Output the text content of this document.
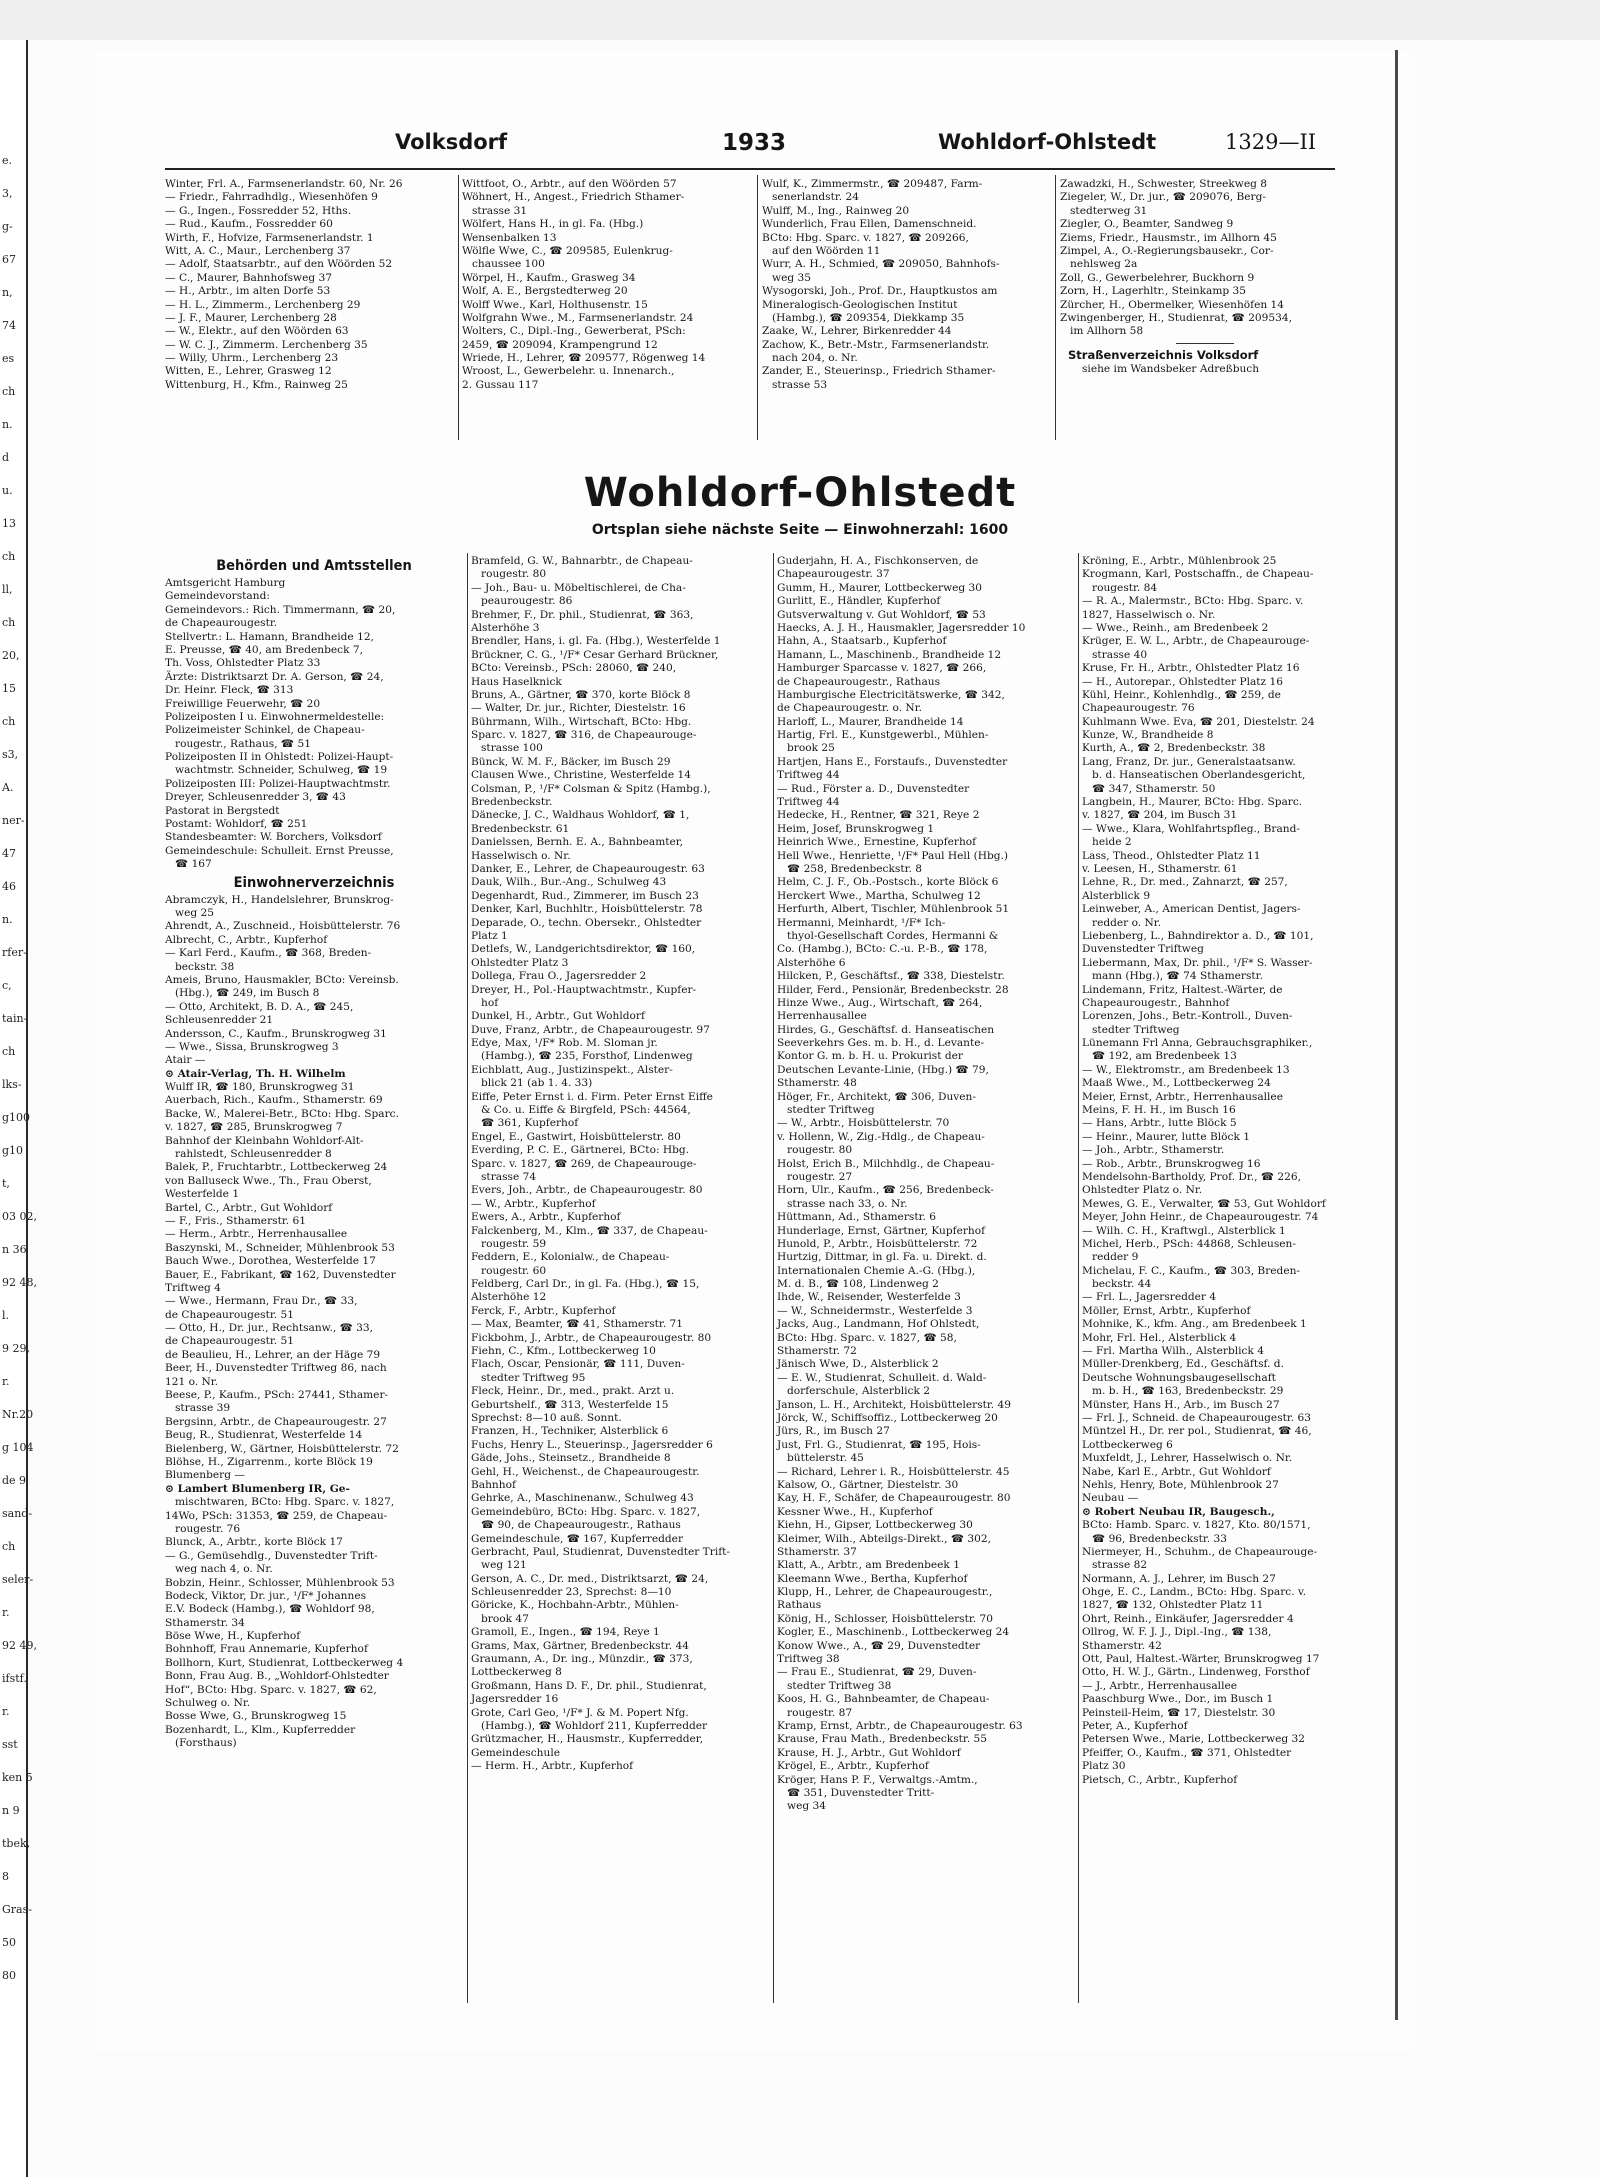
e.
3,
g-
67
n,
74
es
ch
n.
d
u.
13
ch
ll,
ch
20,
15
ch
s3,
A.
ner-
47
46
n.
rfer-
c,
tain-
ch
lks-
g100
g10
t,
03 02,
n 36
92 48,
l.
9 29,
r.
Nr.20
g 104
de 9
sand-
ch
seler-
r.
92 49,
ifstf.
r.
sst
ken 5
n 9
tbek,
8
Gras-
50
80
Volksdorf	1933	Wohldorf-Ohlstedt	1329—II
Winter, Frl. A., Farmsenerlandstr. 60, Nr. 26
— Friedr., Fahrradhdlg., Wiesenhöfen 9
— G., Ingen., Fossredder 52, Hths.
— Rud., Kaufm., Fossredder 60
Wirth, F., Hofvize, Farmsenerlandstr. 1
Witt, A. C., Maur., Lerchenberg 37
— Adolf, Staatsarbtr., auf den Wöörden 52
— C., Maurer, Bahnhofsweg 37
— H., Arbtr., im alten Dorfe 53
— H. L., Zimmerm., Lerchenberg 29
— J. F., Maurer, Lerchenberg 28
— W., Elektr., auf den Wöörden 63
— W. C. J., Zimmerm. Lerchenberg 35
— Willy, Uhrm., Lerchenberg 23
Witten, E., Lehrer, Grasweg 12
Wittenburg, H., Kfm., Rainweg 25
Wittfoot, O., Arbtr., auf den Wöörden 57
Wöhnert, H., Angest., Friedrich Sthamer-
strasse 31
Wölfert, Hans H., in gl. Fa. (Hbg.)
Wensenbalken 13
Wölfle Wwe, C., ☎ 209585, Eulenkrug-
chaussee 100
Wörpel, H., Kaufm., Grasweg 34
Wolf, A. E., Bergstedterweg 20
Wolff Wwe., Karl, Holthusenstr. 15
Wolfgrahn Wwe., M., Farmsenerlandstr. 24
Wolters, C., Dipl.-Ing., Gewerberat, PSch:
2459, ☎ 209094, Krampengrund 12
Wriede, H., Lehrer, ☎ 209577, Rögenweg 14
Wroost, L., Gewerbelehr. u. Innenarch.,
2. Gussau 117
Wulf, K., Zimmermstr., ☎ 209487, Farm-
senerlandstr. 24
Wulff, M., Ing., Rainweg 20
Wunderlich, Frau Ellen, Damenschneid.
BCto: Hbg. Sparc. v. 1827, ☎ 209266,
auf den Wöörden 11
Wurr, A. H., Schmied, ☎ 209050, Bahnhofs-
weg 35
Wysogorski, Joh., Prof. Dr., Hauptkustos am
Mineralogisch-Geologischen Institut
(Hambg.), ☎ 209354, Diekkamp 35
Zaake, W., Lehrer, Birkenredder 44
Zachow, K., Betr.-Mstr., Farmsenerlandstr.
nach 204, o. Nr.
Zander, E., Steuerinsp., Friedrich Sthamer-
strasse 53
Zawadzki, H., Schwester, Streekweg 8
Ziegeler, W., Dr. jur., ☎ 209076, Berg-
stedterweg 31
Ziegler, O., Beamter, Sandweg 9
Ziems, Friedr., Hausmstr., im Allhorn 45
Zimpel, A., O.-Regierungsbausekr., Cor-
nehlsweg 2a
Zoll, G., Gewerbelehrer, Buckhorn 9
Zorn, H., Lagerhltr., Steinkamp 35
Zürcher, H., Obermelker, Wiesenhöfen 14
Zwingenberger, H., Studienrat, ☎ 209534,
im Allhorn 58
Straßenverzeichnis Volksdorf
siehe im Wandsbeker Adreßbuch
Wohldorf-Ohlstedt
Ortsplan siehe nächste Seite — Einwohnerzahl: 1600
Behörden und Amtsstellen
Amtsgericht Hamburg
Gemeindevorstand:
Gemeindevors.: Rich. Timmermann, ☎ 20,
de Chapeaurougestr.
Stellvertr.: L. Hamann, Brandheide 12,
E. Preusse, ☎ 40, am Bredenbeck 7,
Th. Voss, Ohlstedter Platz 33
Ärzte: Distriktsarzt Dr. A. Gerson, ☎ 24,
Dr. Heinr. Fleck, ☎ 313
Freiwillige Feuerwehr, ☎ 20
Polizeiposten I u. Einwohnermeldestelle:
Polizeimeister Schinkel, de Chapeau-
rougestr., Rathaus, ☎ 51
Polizeiposten II in Ohlstedt: Polizei-Haupt-
wachtmstr. Schneider, Schulweg, ☎ 19
Polizeiposten III: Polizei-Hauptwachtmstr.
Dreyer, Schleusenredder 3, ☎ 43
Pastorat in Bergstedt
Postamt: Wohldorf, ☎ 251
Standesbeamter: W. Borchers, Volksdorf
Gemeindeschule: Schulleit. Ernst Preusse,
☎ 167
Einwohnerverzeichnis
Abramczyk, H., Handelslehrer, Brunskrog-
weg 25
Ahrendt, A., Zuschneid., Hoisbüttelerstr. 76
Albrecht, C., Arbtr., Kupferhof
— Karl Ferd., Kaufm., ☎ 368, Breden-
beckstr. 38
Ameis, Bruno, Hausmakler, BCto: Vereinsb.
(Hbg.), ☎ 249, im Busch 8
— Otto, Architekt, B. D. A., ☎ 245,
Schleusenredder 21
Andersson, C., Kaufm., Brunskrogweg 31
— Wwe., Sissa, Brunskrogweg 3
Atair —
⊙ Atair-Verlag, Th. H. Wilhelm
Wulff IR, ☎ 180, Brunskrogweg 31
Auerbach, Rich., Kaufm., Sthamerstr. 69
Backe, W., Malerei-Betr., BCto: Hbg. Sparc.
v. 1827, ☎ 285, Brunskrogweg 7
Bahnhof der Kleinbahn Wohldorf-Alt-
rahlstedt, Schleusenredder 8
Balek, P., Fruchtarbtr., Lottbeckerweg 24
von Balluseck Wwe., Th., Frau Oberst,
Westerfelde 1
Bartel, C., Arbtr., Gut Wohldorf
— F., Fris., Sthamerstr. 61
— Herm., Arbtr., Herrenhausallee
Baszynski, M., Schneider, Mühlenbrook 53
Bauch Wwe., Dorothea, Westerfelde 17
Bauer, E., Fabrikant, ☎ 162, Duvenstedter
Triftweg 4
— Wwe., Hermann, Frau Dr., ☎ 33,
de Chapeaurougestr. 51
— Otto, H., Dr. jur., Rechtsanw., ☎ 33,
de Chapeaurougestr. 51
de Beaulieu, H., Lehrer, an der Häge 79
Beer, H., Duvenstedter Triftweg 86, nach
121 o. Nr.
Beese, P., Kaufm., PSch: 27441, Sthamer-
strasse 39
Bergsinn, Arbtr., de Chapeaurougestr. 27
Beug, R., Studienrat, Westerfelde 14
Bielenberg, W., Gärtner, Hoisbüttelerstr. 72
Blöhse, H., Zigarrenm., korte Blöck 19
Blumenberg —
⊙ Lambert Blumenberg IR, Ge-
mischtwaren, BCto: Hbg. Sparc. v. 1827,
14Wo, PSch: 31353, ☎ 259, de Chapeau-
rougestr. 76
Blunck, A., Arbtr., korte Blöck 17
— G., Gemüsehdlg., Duvenstedter Trift-
weg nach 4, o. Nr.
Bobzin, Heinr., Schlosser, Mühlenbrook 53
Bodeck, Viktor, Dr. jur., ¹/F* Johannes
E.V. Bodeck (Hambg.), ☎ Wohldorf 98,
Sthamerstr. 34
Böse Wwe, H., Kupferhof
Bohnhoff, Frau Annemarie, Kupferhof
Bollhorn, Kurt, Studienrat, Lottbeckerweg 4
Bonn, Frau Aug. B., „Wohldorf-Ohlstedter
Hof“, BCto: Hbg. Sparc. v. 1827, ☎ 62,
Schulweg o. Nr.
Bosse Wwe, G., Brunskrogweg 15
Bozenhardt, L., Klm., Kupferredder
(Forsthaus)
Bramfeld, G. W., Bahnarbtr., de Chapeau-
rougestr. 80
— Joh., Bau- u. Möbeltischlerei, de Cha-
peaurougestr. 86
Brehmer, F., Dr. phil., Studienrat, ☎ 363,
Alsterhöhe 3
Brendler, Hans, i. gl. Fa. (Hbg.), Westerfelde 1
Brückner, C. G., ¹/F* Cesar Gerhard Brückner,
BCto: Vereinsb., PSch: 28060, ☎ 240,
Haus Haselknick
Bruns, A., Gärtner, ☎ 370, korte Blöck 8
— Walter, Dr. jur., Richter, Diestelstr. 16
Bührmann, Wilh., Wirtschaft, BCto: Hbg.
Sparc. v. 1827, ☎ 316, de Chapeaurouge-
strasse 100
Bünck, W. M. F., Bäcker, im Busch 29
Clausen Wwe., Christine, Westerfelde 14
Colsman, P., ¹/F* Colsman & Spitz (Hambg.),
Bredenbeckstr.
Dänecke, J. C., Waldhaus Wohldorf, ☎ 1,
Bredenbeckstr. 61
Danielssen, Bernh. E. A., Bahnbeamter,
Hasselwisch o. Nr.
Danker, E., Lehrer, de Chapeaurougestr. 63
Dauk, Wilh., Bur.-Ang., Schulweg 43
Degenhardt, Rud., Zimmerer, im Busch 23
Denker, Karl, Buchhltr., Hoisbüttelerstr. 78
Deparade, O., techn. Obersekr., Ohlstedter
Platz 1
Detlefs, W., Landgerichtsdirektor, ☎ 160,
Ohlstedter Platz 3
Dollega, Frau O., Jagersredder 2
Dreyer, H., Pol.-Hauptwachtmstr., Kupfer-
hof
Dunkel, H., Arbtr., Gut Wohldorf
Duve, Franz, Arbtr., de Chapeaurougestr. 97
Edye, Max, ¹/F* Rob. M. Sloman jr.
(Hambg.), ☎ 235, Forsthof, Lindenweg
Eichblatt, Aug., Justizinspekt., Alster-
blick 21 (ab 1. 4. 33)
Eiffe, Peter Ernst i. d. Firm. Peter Ernst Eiffe
& Co. u. Eiffe & Birgfeld, PSch: 44564,
☎ 361, Kupferhof
Engel, E., Gastwirt, Hoisbüttelerstr. 80
Everding, P. C. E., Gärtnerei, BCto: Hbg.
Sparc. v. 1827, ☎ 269, de Chapeaurouge-
strasse 74
Evers, Joh., Arbtr., de Chapeaurougestr. 80
— W., Arbtr., Kupferhof
Ewers, A., Arbtr., Kupferhof
Falckenberg, M., Klm., ☎ 337, de Chapeau-
rougestr. 59
Feddern, E., Kolonialw., de Chapeau-
rougestr. 60
Feldberg, Carl Dr., in gl. Fa. (Hbg.), ☎ 15,
Alsterhöhe 12
Ferck, F., Arbtr., Kupferhof
— Max, Beamter, ☎ 41, Sthamerstr. 71
Fickbohm, J., Arbtr., de Chapeaurougestr. 80
Fiehn, C., Kfm., Lottbeckerweg 10
Flach, Oscar, Pensionär, ☎ 111, Duven-
stedter Triftweg 95
Fleck, Heinr., Dr., med., prakt. Arzt u.
Geburtshelf., ☎ 313, Westerfelde 15
Sprechst: 8—10 auß. Sonnt.
Franzen, H., Techniker, Alsterblick 6
Fuchs, Henry L., Steuerinsp., Jagersredder 6
Gäde, Johs., Steinsetz., Brandheide 8
Gehl, H., Weichenst., de Chapeaurougestr.
Bahnhof
Gehrke, A., Maschinenanw., Schulweg 43
Gemeindebüro, BCto: Hbg. Sparc. v. 1827,
☎ 90, de Chapeaurougestr., Rathaus
Gemeindeschule, ☎ 167, Kupferredder
Gerbracht, Paul, Studienrat, Duvenstedter Trift-
weg 121
Gerson, A. C., Dr. med., Distriktsarzt, ☎ 24,
Schleusenredder 23, Sprechst: 8—10
Göricke, K., Hochbahn-Arbtr., Mühlen-
brook 47
Gramoll, E., Ingen., ☎ 194, Reye 1
Grams, Max, Gärtner, Bredenbeckstr. 44
Graumann, A., Dr. ing., Münzdir., ☎ 373,
Lottbeckerweg 8
Großmann, Hans D. F., Dr. phil., Studienrat,
Jagersredder 16
Grote, Carl Geo, ¹/F* J. & M. Popert Nfg.
(Hambg.), ☎ Wohldorf 211, Kupferredder
Grützmacher, H., Hausmstr., Kupferredder,
Gemeindeschule
— Herm. H., Arbtr., Kupferhof
Guderjahn, H. A., Fischkonserven, de
Chapeaurougestr. 37
Gumm, H., Maurer, Lottbeckerweg 30
Gurlitt, E., Händler, Kupferhof
Gutsverwaltung v. Gut Wohldorf, ☎ 53
Haecks, A. J. H., Hausmakler, Jagersredder 10
Hahn, A., Staatsarb., Kupferhof
Hamann, L., Maschinenb., Brandheide 12
Hamburger Sparcasse v. 1827, ☎ 266,
de Chapeaurougestr., Rathaus
Hamburgische Electricitätswerke, ☎ 342,
de Chapeaurougestr. o. Nr.
Harloff, L., Maurer, Brandheide 14
Hartig, Frl. E., Kunstgewerbl., Mühlen-
brook 25
Hartjen, Hans E., Forstaufs., Duvenstedter
Triftweg 44
— Rud., Förster a. D., Duvenstedter
Triftweg 44
Hedecke, H., Rentner, ☎ 321, Reye 2
Heim, Josef, Brunskrogweg 1
Heinrich Wwe., Ernestine, Kupferhof
Hell Wwe., Henriette, ¹/F* Paul Hell (Hbg.)
☎ 258, Bredenbeckstr. 8
Helm, C. J. F., Ob.-Postsch., korte Blöck 6
Herckert Wwe., Martha, Schulweg 12
Herfurth, Albert, Tischler, Mühlenbrook 51
Hermanni, Meinhardt, ¹/F* Ich-
thyol-Gesellschaft Cordes, Hermanni &
Co. (Hambg.), BCto: C.-u. P.-B., ☎ 178,
Alsterhöhe 6
Hilcken, P., Geschäftsf., ☎ 338, Diestelstr.
Hilder, Ferd., Pensionär, Bredenbeckstr. 28
Hinze Wwe., Aug., Wirtschaft, ☎ 264,
Herrenhausallee
Hirdes, G., Geschäftsf. d. Hanseatischen
Seeverkehrs Ges. m. b. H., d. Levante-
Kontor G. m. b. H. u. Prokurist der
Deutschen Levante-Linie, (Hbg.) ☎ 79,
Sthamerstr. 48
Höger, Fr., Architekt, ☎ 306, Duven-
stedter Triftweg
— W., Arbtr., Hoisbüttelerstr. 70
v. Hollenn, W., Zig.-Hdlg., de Chapeau-
rougestr. 80
Holst, Erich B., Milchhdlg., de Chapeau-
rougestr. 27
Horn, Ulr., Kaufm., ☎ 256, Bredenbeck-
strasse nach 33, o. Nr.
Hüttmann, Ad., Sthamerstr. 6
Hunderlage, Ernst, Gärtner, Kupferhof
Hunold, P., Arbtr., Hoisbüttelerstr. 72
Hurtzig, Dittmar, in gl. Fa. u. Direkt. d.
Internationalen Chemie A.-G. (Hbg.),
M. d. B., ☎ 108, Lindenweg 2
Ihde, W., Reisender, Westerfelde 3
— W., Schneidermstr., Westerfelde 3
Jacks, Aug., Landmann, Hof Ohlstedt,
BCto: Hbg. Sparc. v. 1827, ☎ 58,
Sthamerstr. 72
Jänisch Wwe, D., Alsterblick 2
— E. W., Studienrat, Schulleit. d. Wald-
dorferschule, Alsterblick 2
Janson, L. H., Architekt, Hoisbüttelerstr. 49
Jörck, W., Schiffsoffiz., Lottbeckerweg 20
Jürs, R., im Busch 27
Just, Frl. G., Studienrat, ☎ 195, Hois-
büttelerstr. 45
— Richard, Lehrer i. R., Hoisbüttelerstr. 45
Kalsow, O., Gärtner, Diestelstr. 30
Kay, H. F., Schäfer, de Chapeaurougestr. 80
Kessner Wwe., H., Kupferhof
Kiehn, H., Gipser, Lottbeckerweg 30
Kleimer, Wilh., Abteilgs-Direkt., ☎ 302,
Sthamerstr. 37
Klatt, A., Arbtr., am Bredenbeek 1
Kleemann Wwe., Bertha, Kupferhof
Klupp, H., Lehrer, de Chapeaurougestr.,
Rathaus
König, H., Schlosser, Hoisbüttelerstr. 70
Kogler, E., Maschinenb., Lottbeckerweg 24
Konow Wwe., A., ☎ 29, Duvenstedter
Triftweg 38
— Frau E., Studienrat, ☎ 29, Duven-
stedter Triftweg 38
Koos, H. G., Bahnbeamter, de Chapeau-
rougestr. 87
Kramp, Ernst, Arbtr., de Chapeaurougestr. 63
Krause, Frau Math., Bredenbeckstr. 55
Krause, H. J., Arbtr., Gut Wohldorf
Krögel, E., Arbtr., Kupferhof
Kröger, Hans P. F., Verwaltgs.-Amtm.,
☎ 351, Duvenstedter Tritt-
weg 34
Kröning, E., Arbtr., Mühlenbrook 25
Krogmann, Karl, Postschaffn., de Chapeau-
rougestr. 84
— R. A., Malermstr., BCto: Hbg. Sparc. v.
1827, Hasselwisch o. Nr.
— Wwe., Reinh., am Bredenbeek 2
Krüger, E. W. L., Arbtr., de Chapeaurouge-
strasse 40
Kruse, Fr. H., Arbtr., Ohlstedter Platz 16
— H., Autorepar., Ohlstedter Platz 16
Kühl, Heinr., Kohlenhdlg., ☎ 259, de
Chapeaurougestr. 76
Kuhlmann Wwe. Eva, ☎ 201, Diestelstr. 24
Kunze, W., Brandheide 8
Kurth, A., ☎ 2, Bredenbeckstr. 38
Lang, Franz, Dr. jur., Generalstaatsanw.
b. d. Hanseatischen Oberlandesgericht,
☎ 347, Sthamerstr. 50
Langbein, H., Maurer, BCto: Hbg. Sparc.
v. 1827, ☎ 204, im Busch 31
— Wwe., Klara, Wohlfahrtspfleg., Brand-
heide 2
Lass, Theod., Ohlstedter Platz 11
v. Leesen, H., Sthamerstr. 61
Lehne, R., Dr. med., Zahnarzt, ☎ 257,
Alsterblick 9
Leinweber, A., American Dentist, Jagers-
redder o. Nr.
Liebenberg, L., Bahndirektor a. D., ☎ 101,
Duvenstedter Triftweg
Liebermann, Max, Dr. phil., ¹/F* S. Wasser-
mann (Hbg.), ☎ 74 Sthamerstr.
Lindemann, Fritz, Haltest.-Wärter, de
Chapeaurougestr., Bahnhof
Lorenzen, Johs., Betr.-Kontroll., Duven-
stedter Triftweg
Lünemann Frl Anna, Gebrauchsgraphiker.,
☎ 192, am Bredenbeek 13
— W., Elektromstr., am Bredenbeek 13
Maaß Wwe., M., Lottbeckerweg 24
Meier, Ernst, Arbtr., Herrenhausallee
Meins, F. H. H., im Busch 16
— Hans, Arbtr., lutte Blöck 5
— Heinr., Maurer, lutte Blöck 1
— Joh., Arbtr., Sthamerstr.
— Rob., Arbtr., Brunskrogweg 16
Mendelsohn-Bartholdy, Prof. Dr., ☎ 226,
Ohlstedter Platz o. Nr.
Mewes, G. E., Verwalter, ☎ 53, Gut Wohldorf
Meyer, John Heinr., de Chapeaurougestr. 74
— Wilh. C. H., Kraftwgl., Alsterblick 1
Michel, Herb., PSch: 44868, Schleusen-
redder 9
Michelau, F. C., Kaufm., ☎ 303, Breden-
beckstr. 44
— Frl. L., Jagersredder 4
Möller, Ernst, Arbtr., Kupferhof
Mohnike, K., kfm. Ang., am Bredenbeek 1
Mohr, Frl. Hel., Alsterblick 4
— Frl. Martha Wilh., Alsterblick 4
Müller-Drenkberg, Ed., Geschäftsf. d.
Deutsche Wohnungsbaugesellschaft
m. b. H., ☎ 163, Bredenbeckstr. 29
Münster, Hans H., Arb., im Busch 27
— Frl. J., Schneid. de Chapeaurougestr. 63
Müntzel H., Dr. rer pol., Studienrat, ☎ 46,
Lottbeckerweg 6
Muxfeldt, J., Lehrer, Hasselwisch o. Nr.
Nabe, Karl E., Arbtr., Gut Wohldorf
Nehls, Henry, Bote, Mühlenbrook 27
Neubau —
⊙ Robert Neubau IR, Baugesch.,
BCto: Hamb. Sparc. v. 1827, Kto. 80/1571,
☎ 96, Bredenbeckstr. 33
Niermeyer, H., Schuhm., de Chapeaurouge-
strasse 82
Normann, A. J., Lehrer, im Busch 27
Ohge, E. C., Landm., BCto: Hbg. Sparc. v.
1827, ☎ 132, Ohlstedter Platz 11
Ohrt, Reinh., Einkäufer, Jagersredder 4
Ollrog, W. F. J. J., Dipl.-Ing., ☎ 138,
Sthamerstr. 42
Ott, Paul, Haltest.-Wärter, Brunskrogweg 17
Otto, H. W. J., Gärtn., Lindenweg, Forsthof
— J., Arbtr., Herrenhausallee
Paaschburg Wwe., Dor., im Busch 1
Peinsteil-Heim, ☎ 17, Diestelstr. 30
Peter, A., Kupferhof
Petersen Wwe., Marie, Lottbeckerweg 32
Pfeiffer, O., Kaufm., ☎ 371, Ohlstedter
Platz 30
Pietsch, C., Arbtr., Kupferhof
